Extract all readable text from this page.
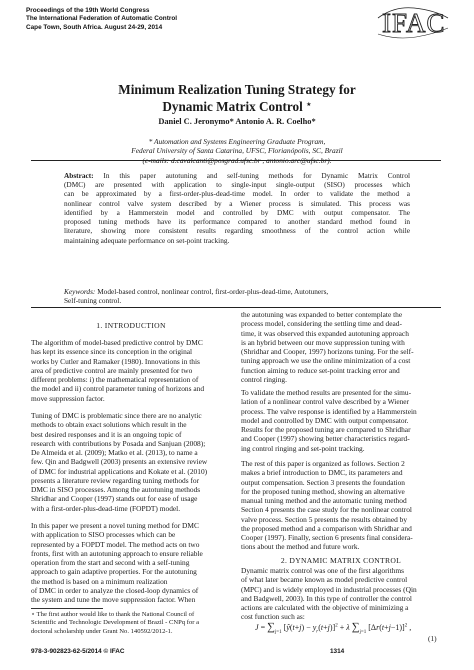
Proceedings of the 19th World Congress
The International Federation of Automatic Control
Cape Town, South Africa. August 24-29, 2014	IFAC
Minimum Realization Tuning Strategy for
Dynamic Matrix Control ⋆
Daniel C. Jeronymo* Antonio A. R. Coelho*
* Automation and Systems Engineering Graduate Program,
Federal University of Santa Catarina, UFSC, Florianópolis, SC, Brazil
(e-mails: d.cavalcanti@posgrad.ufsc.br , antonio.arc@ufsc.br).
Abstract: In this paper autotuning and self-tuning methods for Dynamic Matrix Control
(DMC) are presented with application to single-input single-output (SISO) processes which
can be approximated by a first-order-plus-dead-time model. In order to validate the method a
nonlinear control valve system described by a Wiener process is simulated. This process was
identified by a Hammerstein model and controlled by DMC with output compensator. The
proposed tuning methods have its performance compared to another standard method found in
literature, showing more consistent results regarding smoothness of the control action while
maintaining adequate performance on set-point tracking.
Keywords: Model-based control, nonlinear control, first-order-plus-dead-time, Autotuners,
Self-tuning control.
1. INTRODUCTION
The algorithm of model-based predictive control by DMC
has kept its essence since its conception in the original
works by Cutler and Ramaker (1980). Innovations in this
area of predictive control are mainly presented for two
different problems: i) the mathematical representation of
the model and ii) control parameter tuning of horizons and
move suppression factor.
Tuning of DMC is problematic since there are no analytic
methods to obtain exact solutions which result in the
best desired responses and it is an ongoing topic of
research with contributions by Posada and Sanjuan (2008);
De Almeida et al. (2009); Matko et al. (2013), to name a
few. Qin and Badgwell (2003) presents an extensive review
of DMC for industrial applications and Kokate et al. (2010)
presents a literature review regarding tuning methods for
DMC in SISO processes. Among the autotuning methods
Shridhar and Cooper (1997) stands out for ease of usage
with a first-order-plus-dead-time (FOPDT) model.
In this paper we present a novel tuning method for DMC
with application to SISO processes which can be
represented by a FOPDT model. The method acts on two
fronts, first with an autotuning approach to ensure reliable
operation from the start and second with a self-tuning
approach to gain adaptive properties. For the autotuning
the method is based on a minimum realization
of DMC in order to analyze the closed-loop dynamics of
the system and tune the move suppression factor. When
⋆ The first author would like to thank the National Council of
Scientific and Technologic Development of Brazil - CNPq for a
doctoral scholarship under Grant No. 140592/2012-1.
the autotuning was expanded to better contemplate the
process model, considering the settling time and dead-
time, it was observed this expanded autotuning approach
is an hybrid between our move suppression tuning with
(Shridhar and Cooper, 1997) horizons tuning. For the self-
tuning approach we use the online minimization of a cost
function aiming to reduce set-point tracking error and
control ringing.
To validate the method results are presented for the simu-
lation of a nonlinear control valve described by a Wiener
process. The valve response is identified by a Hammerstein
model and controlled by DMC with output compensator.
Results for the proposed tuning are compared to Shridhar
and Cooper (1997) showing better characteristics regard-
ing control ringing and set-point tracking.
The rest of this paper is organized as follows. Section 2
makes a brief introduction to DMC, its parameters and
output compensation. Section 3 presents the foundation
for the proposed tuning method, showing an alternative
manual tuning method and the automatic tuning method
Section 4 presents the case study for the nonlinear control
valve process. Section 5 presents the results obtained by
the proposed method and a comparison with Shridhar and
Cooper (1997). Finally, section 6 presents final considera-
tions about the method and future work.
2. DYNAMIC MATRIX CONTROL
Dynamic matrix control was one of the first algorithms
of what later became known as model predictive control
(MPC) and is widely employed in industrial processes (Qin
and Badgwell, 2003). In this type of controller the control
actions are calculated with the objective of minimizing a
cost function such as:
$J = \sum_{j=1}$ [ŷ(t+j) − $y_r(t+j)]^2 + \lambda$ $\sum_{j=1}$ $[\Delta r(t+j-1)]^2$ ,
(1)
978-3-902823-62-5/2014 © IFAC	1314
